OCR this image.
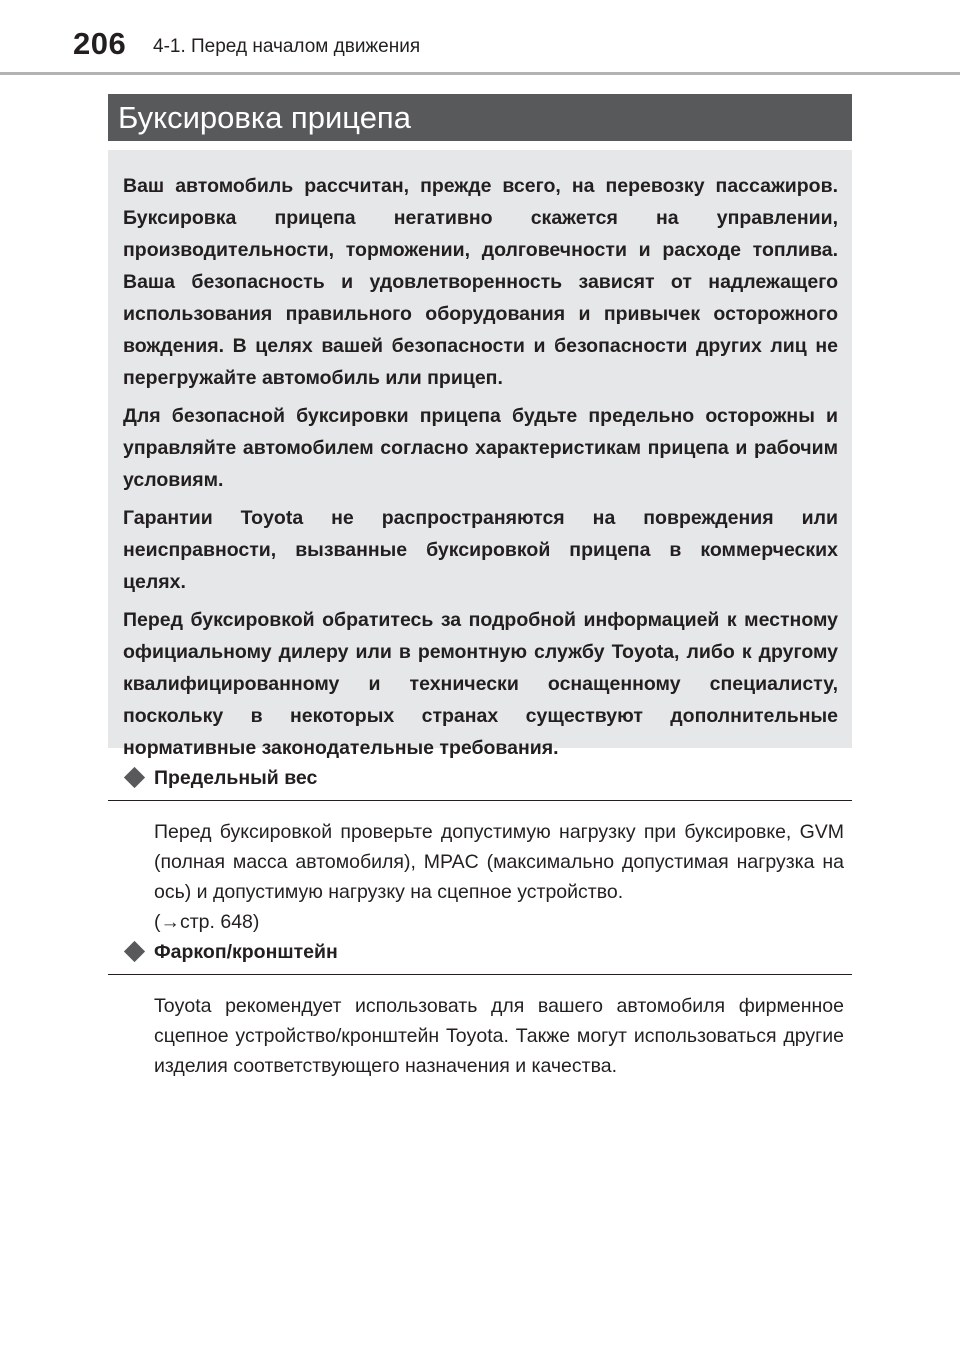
206 4-1. Перед началом движения
Буксировка прицепа

Ваш автомобиль рассчитан, прежде всего, на перевозку пассажиров. Буксировка прицепа негативно скажется на управлении, производительности, торможении, долговечности и расходе топлива. Ваша безопасность и удовлетворенность зависят от надлежащего использования правильного оборудования и привычек осторожного вождения. В целях вашей безопасности и безопасности других лиц не перегружайте автомобиль или прицеп.

Для безопасной буксировки прицепа будьте предельно осторожны и управляйте автомобилем согласно характеристикам прицепа и рабочим условиям.

Гарантии Toyota не распространяются на повреждения или неисправности, вызванные буксировкой прицепа в коммерческих целях.

Перед буксировкой обратитесь за подробной информацией к местному официальному дилеру или в ремонтную службу Toyota, либо к другому квалифицированному и технически оснащенному специалисту, поскольку в некоторых странах существуют дополнительные нормативные законодательные требования.

Предельный вес

Перед буксировкой проверьте допустимую нагрузку при буксировке, GVM (полная масса автомобиля), MPAC (максимально допустимая нагрузка на ось) и допустимую нагрузку на сцепное устройство.

(→стр. 648)
Фаркоп/кронштейн

Toyota рекомендует использовать для вашего автомобиля фирменное сцепное устройство/кронштейн Toyota. Также могут использоваться другие изделия соответствующего назначения и качества.
